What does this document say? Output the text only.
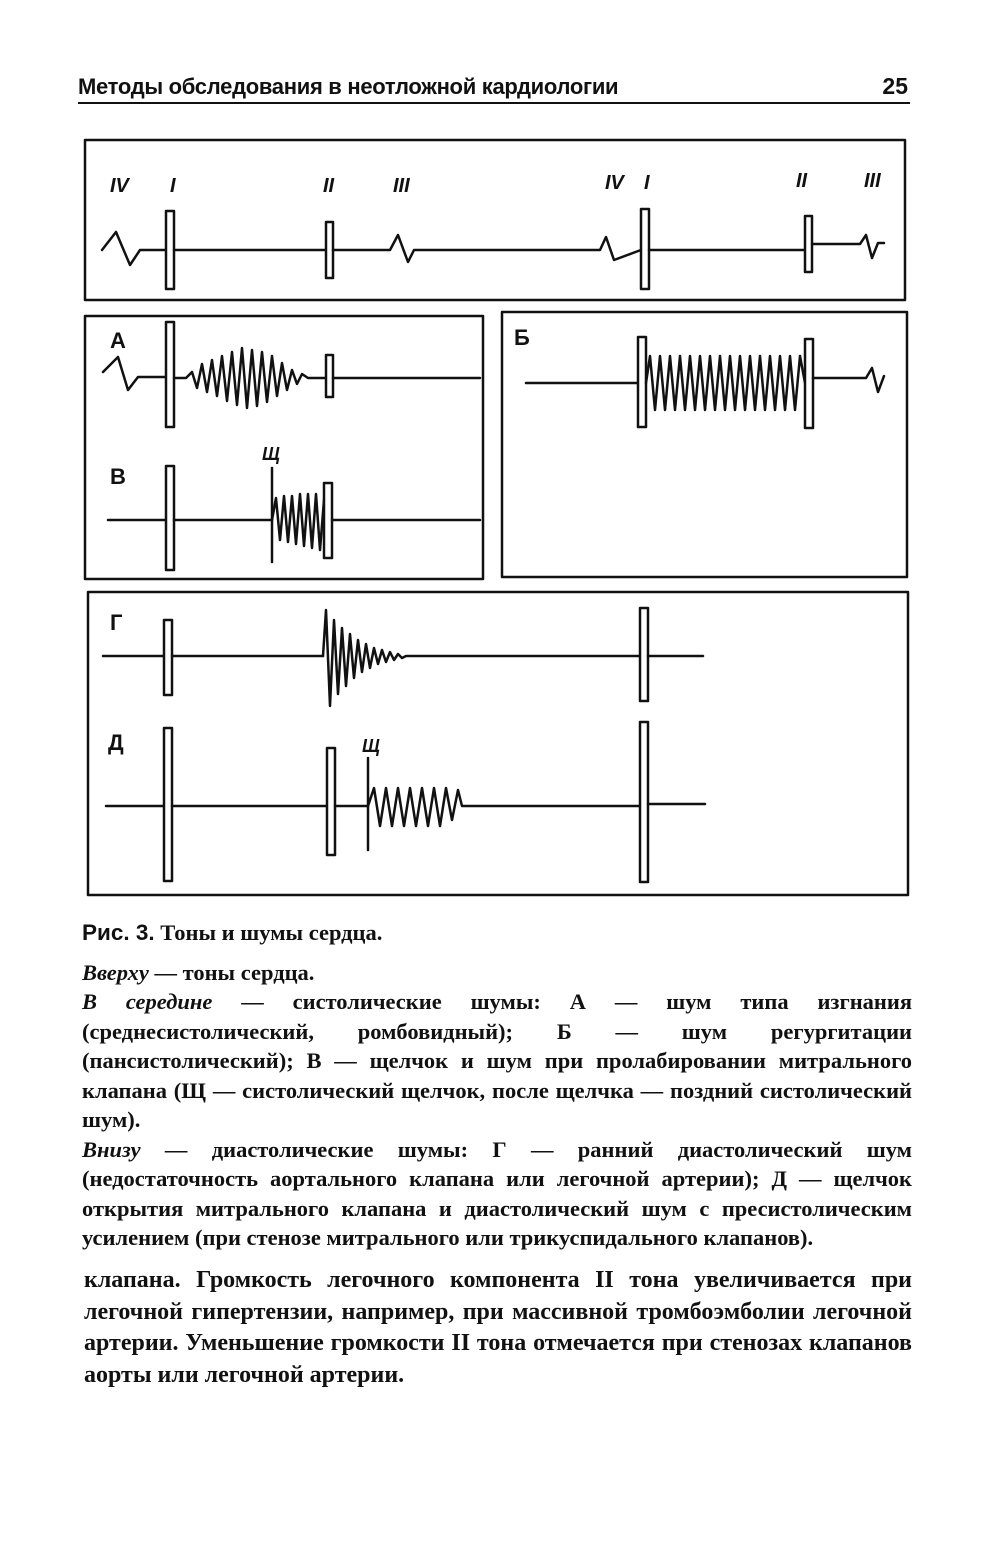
Методы обследования в неотложной кардиологии	25
IV I	II	III	IV I	II	III
А
В
Б
Г
Д
Щ
Щ

Рис. 3. Тоны и шумы сердца.

Вверху — тоны сердца.

В середине — систолические шумы: А — шум типа изгнания (среднесистолический, ромбовидный); Б — шум регургитации (пансистолический); В — щелчок и шум при пролабировании митрального клапана (Щ — систолический щелчок, после щелчка — поздний систолический шум).

Внизу — диастолические шумы: Г — ранний диастолический шум (недостаточность аортального клапана или легочной артерии); Д — щелчок открытия митрального клапана и диастолический шум с пресистолическим усилением (при стенозе митрального или трикуспидального клапанов).

клапана. Громкость легочного компонента II тона увеличивается при легочной гипертензии, например, при массивной тромбоэмболии легочной артерии. Уменьшение громкости II тона отмечается при стенозах клапанов аорты или легочной артерии.
